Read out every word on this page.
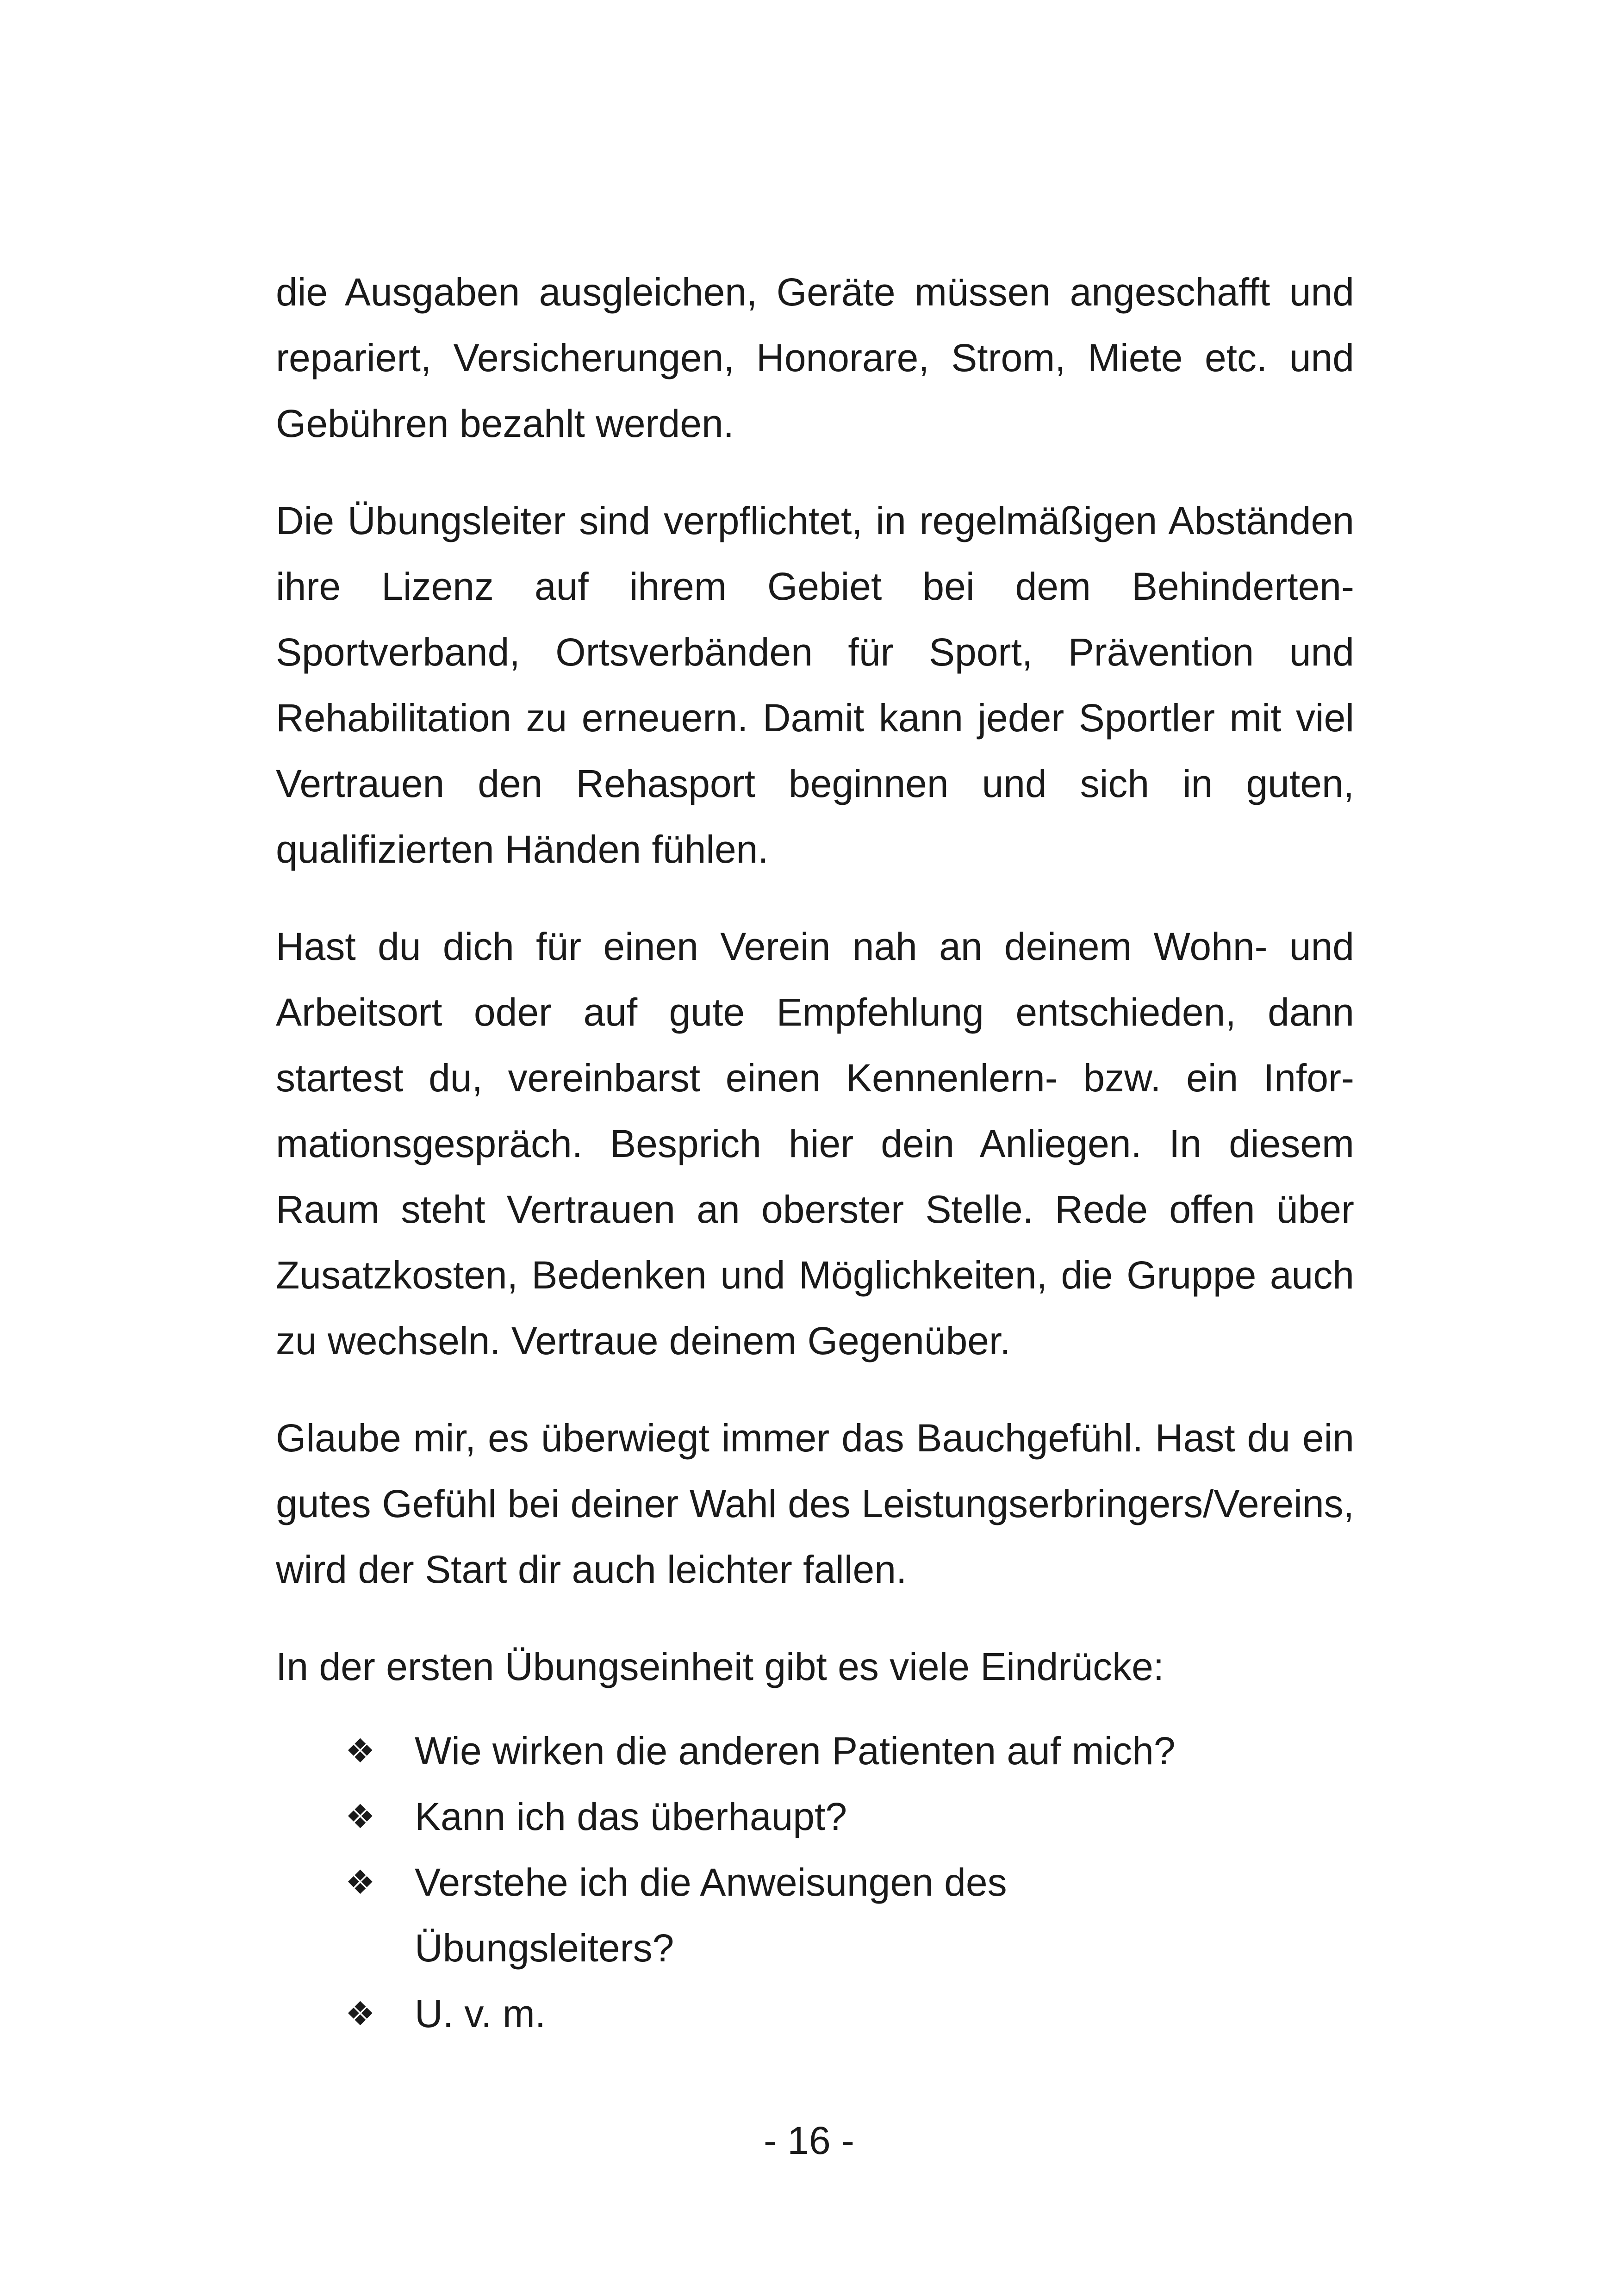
die Ausgaben ausgleichen, Geräte müssen angeschafft und repariert, Versicherungen, Honorare, Strom, Miete etc. und Gebühren bezahlt werden.

Die Übungsleiter sind verpflichtet, in regelmäßigen Abständen ihre Lizenz auf ihrem Gebiet bei dem Behinderten-Sportverband, Ortsverbänden für Sport, Prävention und Rehabilitation zu erneuern. Damit kann jeder Sportler mit viel Vertrauen den Rehasport beginnen und sich in guten, qualifizierten Händen fühlen.

Hast du dich für einen Verein nah an deinem Wohn- und Arbeitsort oder auf gute Empfehlung entschieden, dann startest du, vereinbarst einen Kennenlern- bzw. ein Informationsgespräch. Besprich hier dein Anliegen. In diesem Raum steht Vertrauen an oberster Stelle. Rede offen über Zusatzkosten, Bedenken und Möglichkeiten, die Gruppe auch zu wechseln. Vertraue deinem Gegenüber.

Glaube mir, es überwiegt immer das Bauchgefühl. Hast du ein gutes Gefühl bei deiner Wahl des Leistungserbringers/Vereins, wird der Start dir auch leichter fallen.

In der ersten Übungseinheit gibt es viele Eindrücke:

❖ Wie wirken die anderen Patienten auf mich?
❖ Kann ich das überhaupt?
❖ Verstehe ich die Anweisungen des Übungsleiters?
❖ U. v. m.
- 16 -
